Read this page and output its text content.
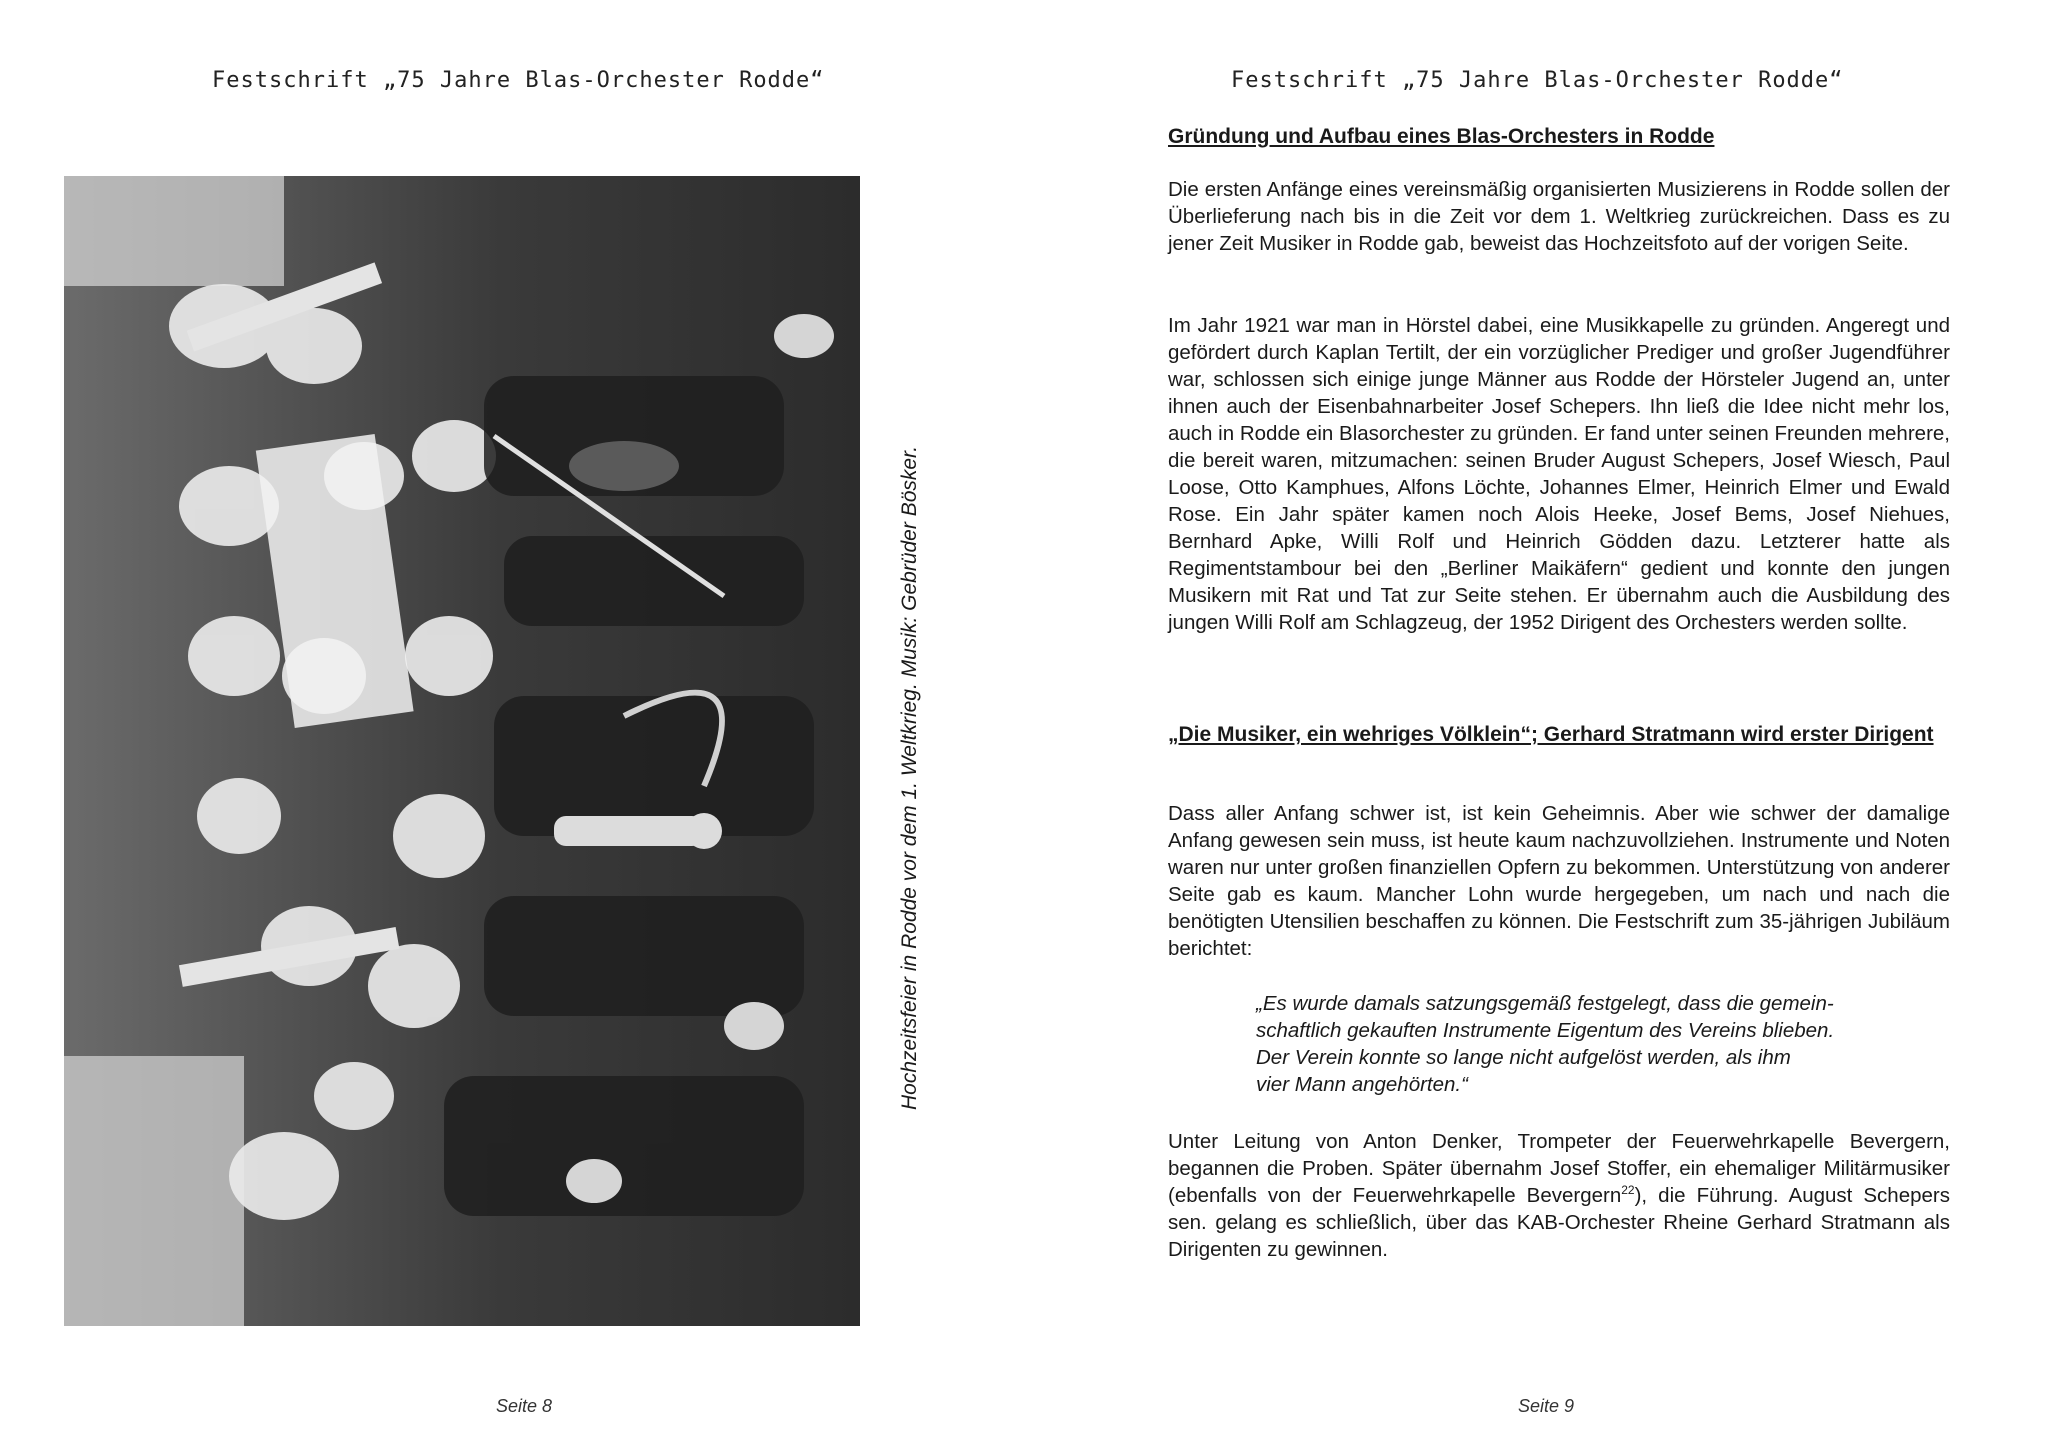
Festschrift „75 Jahre Blas-Orchester Rodde“
Hochzeitsfeier in Rodde vor dem 1. Weltkrieg. Musik: Gebrüder Bösker.
Seite 8
Festschrift „75 Jahre Blas-Orchester Rodde“
Gründung und Aufbau eines Blas-Orchesters in Rodde
Die ersten Anfänge eines vereinsmäßig organisierten Musizierens in Rodde sollen der Überlieferung nach bis in die Zeit vor dem 1. Weltkrieg zurückreichen. Dass es zu jener Zeit Musiker in Rodde gab, beweist das Hochzeitsfoto auf der vorigen Seite.
Im Jahr 1921 war man in Hörstel dabei, eine Musikkapelle zu gründen. Angeregt und gefördert durch Kaplan Tertilt, der ein vorzüglicher Prediger und großer Jugendführer war, schlossen sich einige junge Männer aus Rodde der Hörsteler Jugend an, unter ihnen auch der Eisenbahnarbeiter Josef Schepers. Ihn ließ die Idee nicht mehr los, auch in Rodde ein Blasorchester zu gründen. Er fand unter seinen Freunden mehrere, die bereit waren, mitzumachen: seinen Bruder August Schepers, Josef Wiesch, Paul Loose, Otto Kamphues, Alfons Löchte, Johannes Elmer, Heinrich Elmer und Ewald Rose. Ein Jahr später kamen noch Alois Heeke, Josef Bems, Josef Niehues, Bernhard Apke, Willi Rolf und Heinrich Gödden dazu. Letzterer hatte als Regimentstambour bei den „Berliner Maikäfern“ gedient und konnte den jungen Musikern mit Rat und Tat zur Seite stehen. Er übernahm auch die Ausbildung des jungen Willi Rolf am Schlagzeug, der 1952 Dirigent des Orchesters werden sollte.
„Die Musiker, ein wehriges Völklein“; Gerhard Stratmann wird erster Dirigent
Dass aller Anfang schwer ist, ist kein Geheimnis. Aber wie schwer der damalige Anfang gewesen sein muss, ist heute kaum nachzuvollziehen. Instrumente und Noten waren nur unter großen finanziellen Opfern zu bekommen. Unterstützung von anderer Seite gab es kaum. Mancher Lohn wurde hergegeben, um nach und nach die benötigten Utensilien beschaffen zu können. Die Festschrift zum 35-jährigen Jubiläum berichtet:
„Es wurde damals satzungsgemäß festgelegt, dass die gemein-
schaftlich gekauften Instrumente Eigentum des Vereins blieben.
Der Verein konnte so lange nicht aufgelöst werden, als ihm
vier Mann angehörten.“
Unter Leitung von Anton Denker, Trompeter der Feuerwehrkapelle Bevergern, begannen die Proben. Später übernahm Josef Stoffer, ein ehemaliger Militärmusiker (ebenfalls von der Feuerwehrkapelle Bevergern$^{22}$), die Führung. August Schepers sen. gelang es schließlich, über das KAB-Orchester Rheine Gerhard Stratmann als Dirigenten zu gewinnen.
Seite 9
